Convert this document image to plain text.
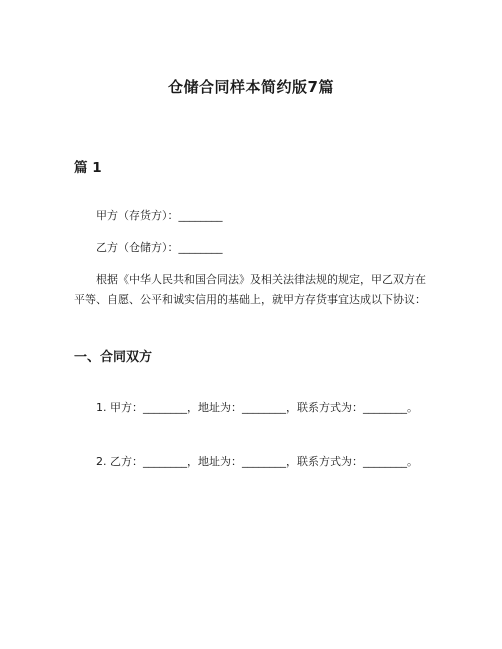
仓储合同样本简约版7篇
篇 1
甲方（存货方）：________
乙方（仓储方）：________
根据《中华人民共和国合同法》及相关法律法规的规定，甲乙双方在平等、自愿、公平和诚实信用的基础上，就甲方存货事宜达成以下协议：
一、合同双方
1. 甲方：________，地址为：________，联系方式为：________。
2. 乙方：________，地址为：________，联系方式为：________。
